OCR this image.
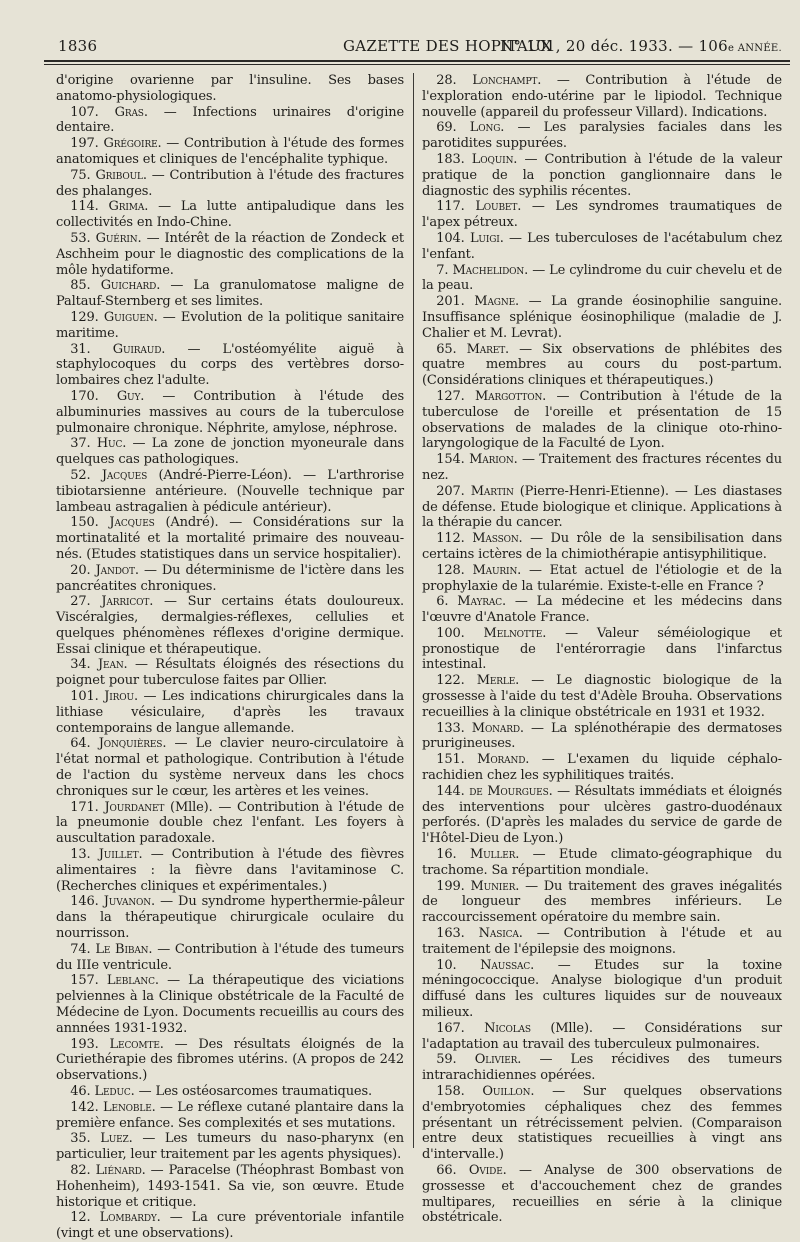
1836	GAZETTE DES HOPITAUX
N° 101, 20 déc. 1933. — 106e ANNÉE.

d'origine ovarienne par l'insuline. Ses bases anatomo-physiologiques.

107. Gras. — Infections urinaires d'origine dentaire.

197. Grégoire. — Contribution à l'étude des formes anatomiques et cliniques de l'encéphalite typhique.

75. Griboul. — Contribution à l'étude des fractures des phalanges.

114. Grima. — La lutte antipaludique dans les collectivités en Indo-Chine.

53. Guérin. — Intérêt de la réaction de Zondeck et Aschheim pour le diagnostic des complications de la môle hydatiforme.

85. Guichard. — La granulomatose maligne de Paltauf-Sternberg et ses limites.

129. Guiguen. — Evolution de la politique sanitaire maritime.

31. Guiraud. — L'ostéomyélite aiguë à staphylocoques du corps des vertèbres dorso-lombaires chez l'adulte.

170. Guy. — Contribution à l'étude des albuminuries massives au cours de la tuberculose pulmonaire chronique. Néphrite, amylose, néphrose.

37. Huc. — La zone de jonction myoneurale dans quelques cas pathologiques.

52. Jacques (André-Pierre-Léon). — L'arthrorise tibiotarsienne antérieure. (Nouvelle technique par lambeau astragalien à pédicule antérieur).

150. Jacques (André). — Considérations sur la mortinatalité et la mortalité primaire des nouveau-nés. (Etudes statistiques dans un service hospitalier).

20. Jandot. — Du déterminisme de l'ictère dans les pancréatites chroniques.

27. Jarricot. — Sur certains états douloureux. Viscéralgies, dermalgies-réflexes, cellulies et quelques phénomènes réflexes d'origine dermique. Essai clinique et thérapeutique.

34. Jean. — Résultats éloignés des résections du poignet pour tuberculose faites par Ollier.

101. Jirou. — Les indications chirurgicales dans la lithiase vésiculaire, d'après les travaux contemporains de langue allemande.

64. Jonquières. — Le clavier neuro-circulatoire à l'état normal et pathologique. Contribution à l'étude de l'action du système nerveux dans les chocs chroniques sur le cœur, les artères et les veines.

171. Jourdanet (Mlle). — Contribution à l'étude de la pneumonie double chez l'enfant. Les foyers à auscultation paradoxale.

13. Juillet. — Contribution à l'étude des fièvres alimentaires : la fièvre dans l'avitaminose C. (Recherches cliniques et expérimentales.)

146. Juvanon. — Du syndrome hyperthermie-pâleur dans la thérapeutique chirurgicale oculaire du nourrisson.

74. Le Biban. — Contribution à l'étude des tumeurs du IIIe ventricule.

157. Leblanc. — La thérapeutique des viciations pelviennes à la Clinique obstétricale de la Faculté de Médecine de Lyon. Documents recueillis au cours des annnées 1931-1932.

193. Lecomte. — Des résultats éloignés de la Curiethérapie des fibromes utérins. (A propos de 242 observations.)

46. Leduc. — Les ostéosarcomes traumatiques.

142. Lenoble. — Le réflexe cutané plantaire dans la première enfance. Ses complexités et ses mutations.

35. Luez. — Les tumeurs du naso-pharynx (en particulier, leur traitement par les agents physiques).

82. Liénard. — Paracelse (Théophrast Bombast von Hohenheim), 1493-1541. Sa vie, son œuvre. Etude historique et critique.

12. Lombardy. — La cure préventoriale infantile (vingt et une observations).

28. Lonchampt. — Contribution à l'étude de l'exploration endo-utérine par le lipiodol. Technique nouvelle (appareil du professeur Villard). Indications.

69. Long. — Les paralysies faciales dans les parotidites suppurées.

183. Loquin. — Contribution à l'étude de la valeur pratique de la ponction ganglionnaire dans le diagnostic des syphilis récentes.

117. Loubet. — Les syndromes traumatiques de l'apex pétreux.

104. Luigi. — Les tuberculoses de l'acétabulum chez l'enfant.

7. Machelidon. — Le cylindrome du cuir chevelu et de la peau.

201. Magne. — La grande éosinophilie sanguine. Insuffisance splénique éosinophilique (maladie de J. Chalier et M. Levrat).

65. Maret. — Six observations de phlébites des quatre membres au cours du post-partum. (Considérations cliniques et thérapeutiques.)

127. Margotton. — Contribution à l'étude de la tuberculose de l'oreille et présentation de 15 observations de malades de la clinique oto-rhino-laryngologique de la Faculté de Lyon.

154. Marion. — Traitement des fractures récentes du nez.

207. Martin (Pierre-Henri-Etienne). — Les diastases de défense. Etude biologique et clinique. Applications à la thérapie du cancer.

112. Masson. — Du rôle de la sensibilisation dans certains ictères de la chimiothérapie antisyphilitique.

128. Maurin. — Etat actuel de l'étiologie et de la prophylaxie de la tularémie. Existe-t-elle en France ?

6. Mayrac. — La médecine et les médecins dans l'œuvre d'Anatole France.

100. Melnotte. — Valeur séméiologique et pronostique de l'entérorragie dans l'infarctus intestinal.

122. Merle. — Le diagnostic biologique de la grossesse à l'aide du test d'Adèle Brouha. Observations recueillies à la clinique obstétricale en 1931 et 1932.

133. Monard. — La splénothérapie des dermatoses prurigineuses.

151. Morand. — L'examen du liquide céphalo-rachidien chez les syphilitiques traités.

144. de Mourgues. — Résultats immédiats et éloignés des interventions pour ulcères gastro-duodénaux perforés. (D'après les malades du service de garde de l'Hôtel-Dieu de Lyon.)

16. Muller. — Etude climato-géographique du trachome. Sa répartition mondiale.

199. Munier. — Du traitement des graves inégalités de longueur des membres inférieurs. Le raccourcissement opératoire du membre sain.

163. Nasica. — Contribution à l'étude et au traitement de l'épilepsie des moignons.

10. Naussac. — Etudes sur la toxine méningococcique. Analyse biologique d'un produit diffusé dans les cultures liquides sur de nouveaux milieux.

167. Nicolas (Mlle). — Considérations sur l'adaptation au travail des tuberculeux pulmonaires.

59. Olivier. — Les récidives des tumeurs intrarachidiennes opérées.

158. Ouillon. — Sur quelques observations d'embryotomies céphaliques chez des femmes présentant un rétrécissement pelvien. (Comparaison entre deux statistiques recueillies à vingt ans d'intervalle.)

66. Ovide. — Analyse de 300 observations de grossesse et d'accouchement chez de grandes multipares, recueillies en série à la clinique obstétricale.
